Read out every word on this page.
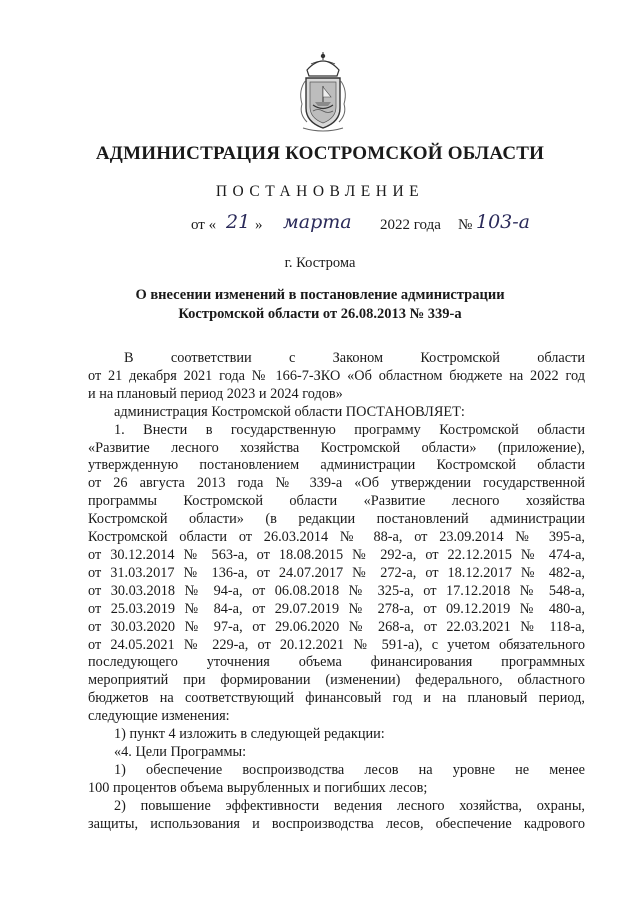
АДМИНИСТРАЦИЯ КОСТРОМСКОЙ ОБЛАСТИ
ПОСТАНОВЛЕНИЕ
от « 21 » марта 2022 года № 103-а
г. Кострома
О внесении изменений в постановление администрации
Костромской области от 26.08.2013 № 339-а
В соответствии с Законом Костромской области
от 21 декабря 2021 года № 166-7-ЗКО «Об областном бюджете на 2022 год
и на плановый период 2023 и 2024 годов»
администрация Костромской области ПОСТАНОВЛЯЕТ:
1. Внести в государственную программу Костромской области
«Развитие лесного хозяйства Костромской области» (приложение),
утвержденную постановлением администрации Костромской области
от 26 августа 2013 года № 339-а «Об утверждении государственной
программы Костромской области «Развитие лесного хозяйства
Костромской области» (в редакции постановлений администрации
Костромской области от 26.03.2014 № 88-а, от 23.09.2014 № 395-а,
от 30.12.2014 № 563-а, от 18.08.2015 № 292-а, от 22.12.2015 № 474-а,
от 31.03.2017 № 136-а, от 24.07.2017 № 272-а, от 18.12.2017 № 482-а,
от 30.03.2018 № 94-а, от 06.08.2018 № 325-а, от 17.12.2018 № 548-а,
от 25.03.2019 № 84-а, от 29.07.2019 № 278-а, от 09.12.2019 № 480-а,
от 30.03.2020 № 97-а, от 29.06.2020 № 268-а, от 22.03.2021 № 118-а,
от 24.05.2021 № 229-а, от 20.12.2021 № 591-а), с учетом обязательного
последующего уточнения объема финансирования программных
мероприятий при формировании (изменении) федерального, областного
бюджетов на соответствующий финансовый год и на плановый период,
следующие изменения:
1) пункт 4 изложить в следующей редакции:
«4. Цели Программы:
1) обеспечение воспроизводства лесов на уровне не менее
100 процентов объема вырубленных и погибших лесов;
2) повышение эффективности ведения лесного хозяйства, охраны,
защиты, использования и воспроизводства лесов, обеспечение кадрового
